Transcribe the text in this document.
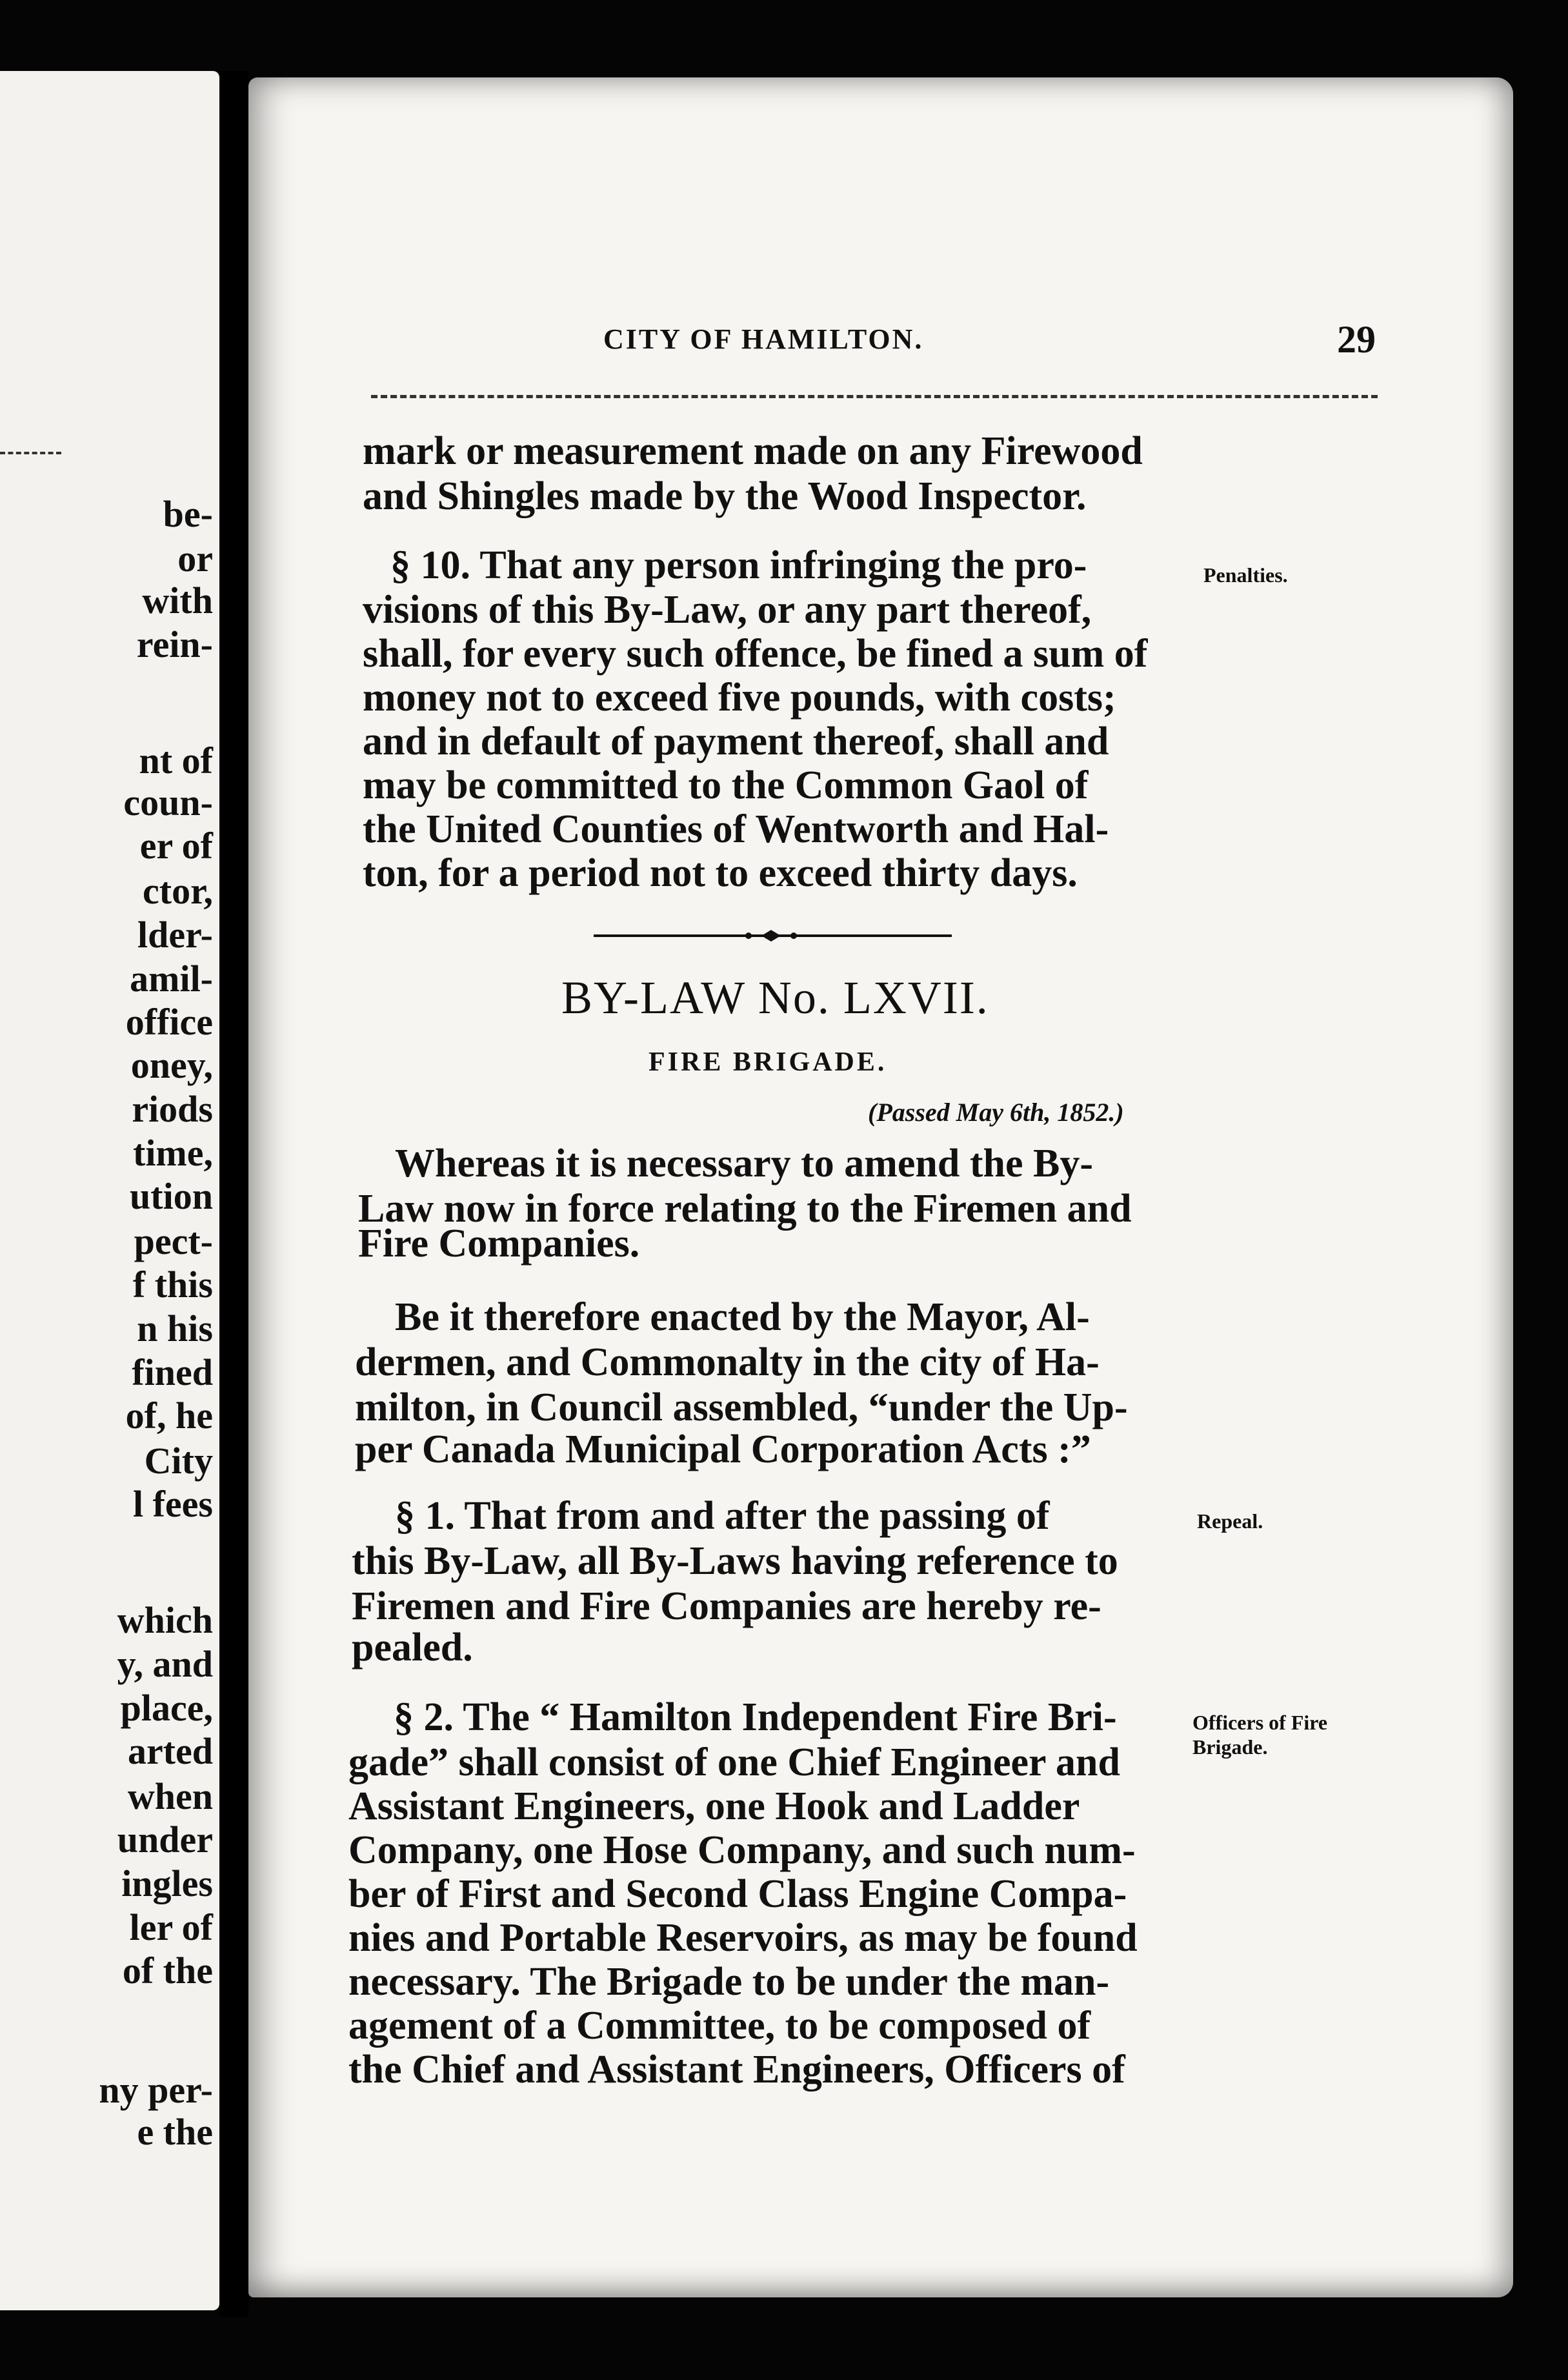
be-
or
with
rein-
nt of
coun-
er of
ctor,
lder-
amil-
office
oney,
riods
time,
ution
pect-
f this
n his
fined
of, he
City
l fees
which
y, and
place,
arted
when
under
ingles
ler of
of the
ny per-
e the
CITY OF HAMILTON.	29
mark or measurement made on any Firewood
and Shingles made by the Wood Inspector.
§ 10. That any person infringing the pro-
visions of this By-Law, or any part thereof,
shall, for every such offence, be fined a sum of
money not to exceed five pounds, with costs;
and in default of payment thereof, shall and
may be committed to the Common Gaol of
the United Counties of Wentworth and Hal-
ton, for a period not to exceed thirty days.
Penalties.
BY-LAW No. LXVII.
FIRE BRIGADE.
(Passed May 6th, 1852.)
Whereas it is necessary to amend the By-
Law now in force relating to the Firemen and
Fire Companies.
Be it therefore enacted by the Mayor, Al-
dermen, and Commonalty in the city of Ha-
milton, in Council assembled, “under the Up-
per Canada Municipal Corporation Acts :”
§ 1. That from and after the passing of
this By-Law, all By-Laws having reference to
Firemen and Fire Companies are hereby re-
pealed.
Repeal.
§ 2. The “ Hamilton Independent Fire Bri-
gade” shall consist of one Chief Engineer and
Assistant Engineers, one Hook and Ladder
Company, one Hose Company, and such num-
ber of First and Second Class Engine Compa-
nies and Portable Reservoirs, as may be found
necessary. The Brigade to be under the man-
agement of a Committee, to be composed of
the Chief and Assistant Engineers, Officers of
Officers of Fire
Brigade.
